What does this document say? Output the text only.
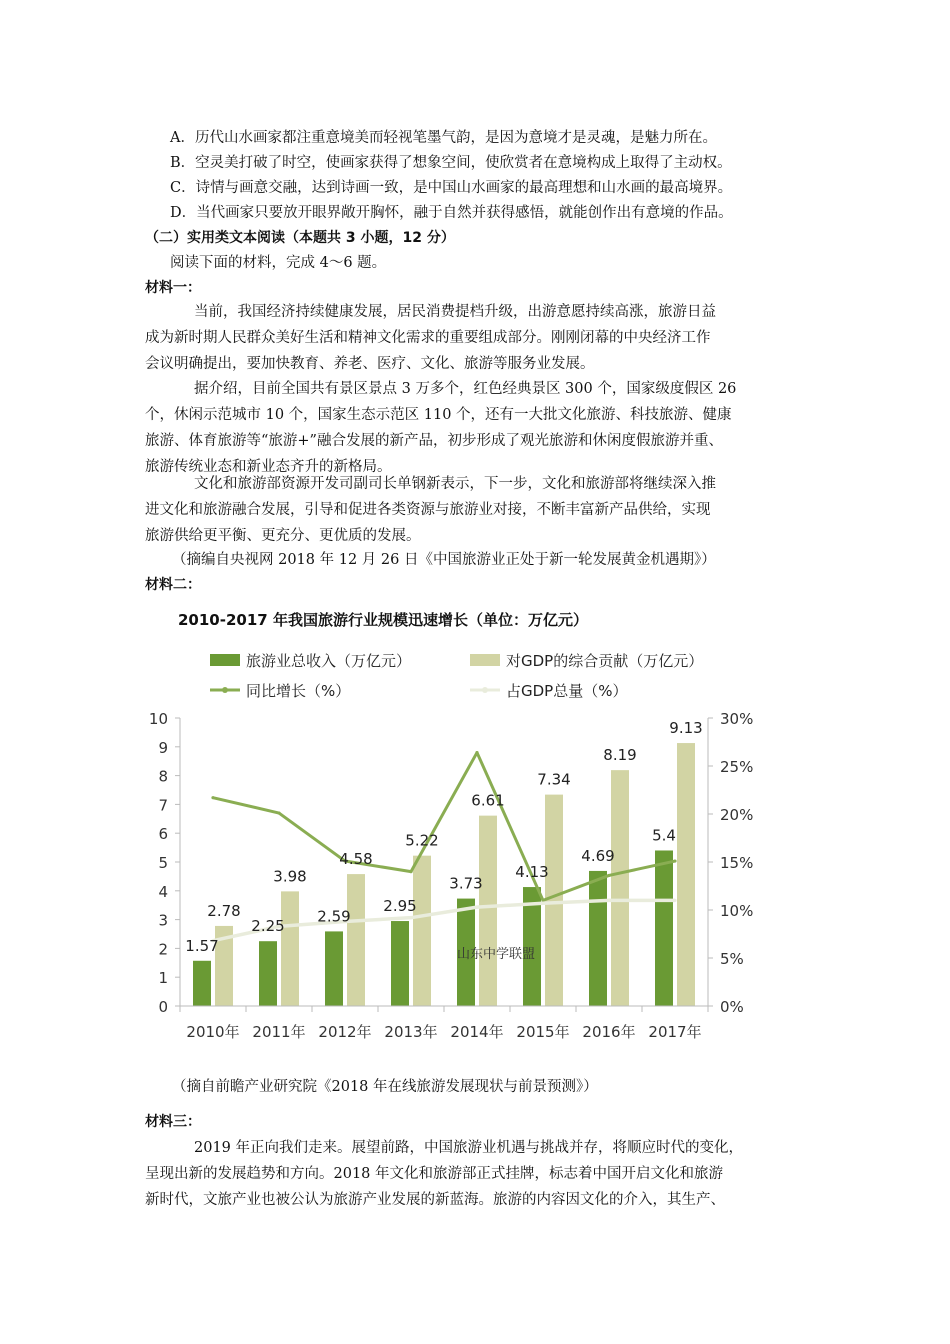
A．历代山水画家都注重意境美而轻视笔墨气韵，是因为意境才是灵魂，是魅力所在。
B．空灵美打破了时空，使画家获得了想象空间，使欣赏者在意境构成上取得了主动权。
C．诗情与画意交融，达到诗画一致，是中国山水画家的最高理想和山水画的最高境界。
D．当代画家只要放开眼界敞开胸怀，融于自然并获得感悟，就能创作出有意境的作品。
（二）实用类文本阅读（本题共 3 小题，12 分）
阅读下面的材料，完成 4～6 题。
材料一：
当前，我国经济持续健康发展，居民消费提档升级，出游意愿持续高涨，旅游日益
成为新时期人民群众美好生活和精神文化需求的重要组成部分。刚刚闭幕的中央经济工作
会议明确提出，要加快教育、养老、医疗、文化、旅游等服务业发展。
据介绍，目前全国共有景区景点 3 万多个，红色经典景区 300 个，国家级度假区 26
个，休闲示范城市 10 个，国家生态示范区 110 个，还有一大批文化旅游、科技旅游、健康
旅游、体育旅游等“旅游+”融合发展的新产品，初步形成了观光旅游和休闲度假旅游并重、
旅游传统业态和新业态齐升的新格局。
文化和旅游部资源开发司副司长单钢新表示，下一步，文化和旅游部将继续深入推
进文化和旅游融合发展，引导和促进各类资源与旅游业对接，不断丰富新产品供给，实现
旅游供给更平衡、更充分、更优质的发展。
（摘编自央视网 2018 年 12 月 26 日《中国旅游业正处于新一轮发展黄金机遇期》）
材料二：
2010-2017 年我国旅游行业规模迅速增长（单位：万亿元）
旅游业总收入（万亿元）	对GDP的综合贡献（万亿元）
同比增长（%）	占GDP总量（%）
1.57
2.25
2.59
2.95
3.73
4.13
4.69
5.4
2.78
3.98
4.58
5.22
6.61
7.34
8.19
9.13
0
1
2
3
4
5
6
7
8
9
10
0%
5%
10%
15%
20%
25%
30%
2010年 2011年 2012年 2013年 2014年 2015年 2016年 2017年
山东中学联盟
（摘自前瞻产业研究院《2018 年在线旅游发展现状与前景预测》）
材料三：
2019 年正向我们走来。展望前路，中国旅游业机遇与挑战并存，将顺应时代的变化，
呈现出新的发展趋势和方向。2018 年文化和旅游部正式挂牌，标志着中国开启文化和旅游
新时代，文旅产业也被公认为旅游产业发展的新蓝海。旅游的内容因文化的介入，其生产、
